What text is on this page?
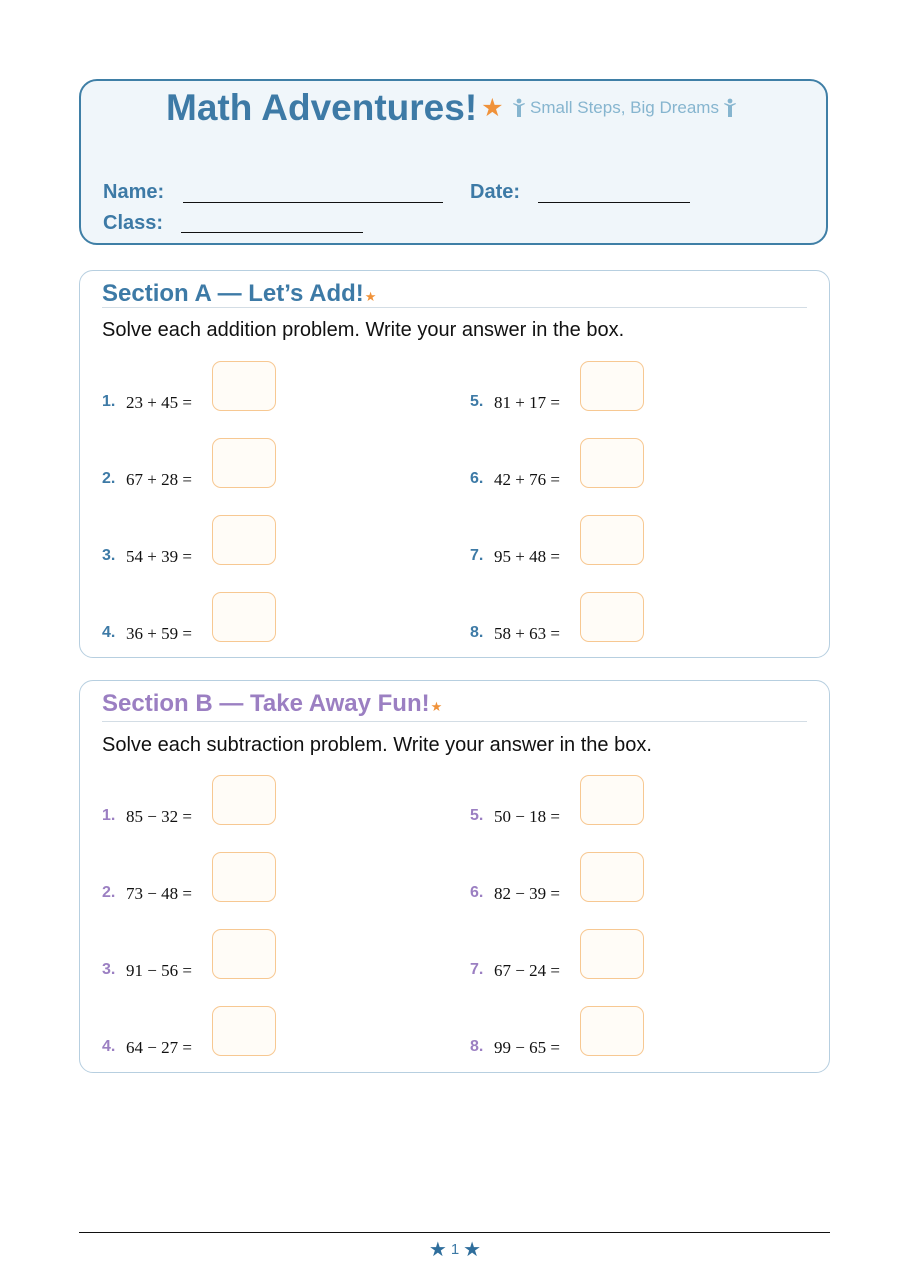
Math Adventures! ★ Small Steps, Big Dreams
Name:	Date:
Class:
Section A — Let’s Add!★
Solve each addition problem. Write your answer in the box.
1. 23 + 45 =
2. 67 + 28 =
3. 54 + 39 =
4. 36 + 59 =
5. 81 + 17 =
6. 42 + 76 =
7. 95 + 48 =
8. 58 + 63 =
Section B — Take Away Fun!★
Solve each subtraction problem. Write your answer in the box.
1. 85 − 32 =
2. 73 − 48 =
3. 91 − 56 =
4. 64 − 27 =
5. 50 − 18 =
6. 82 − 39 =
7. 67 − 24 =
8. 99 − 65 =
★ 1 ★
